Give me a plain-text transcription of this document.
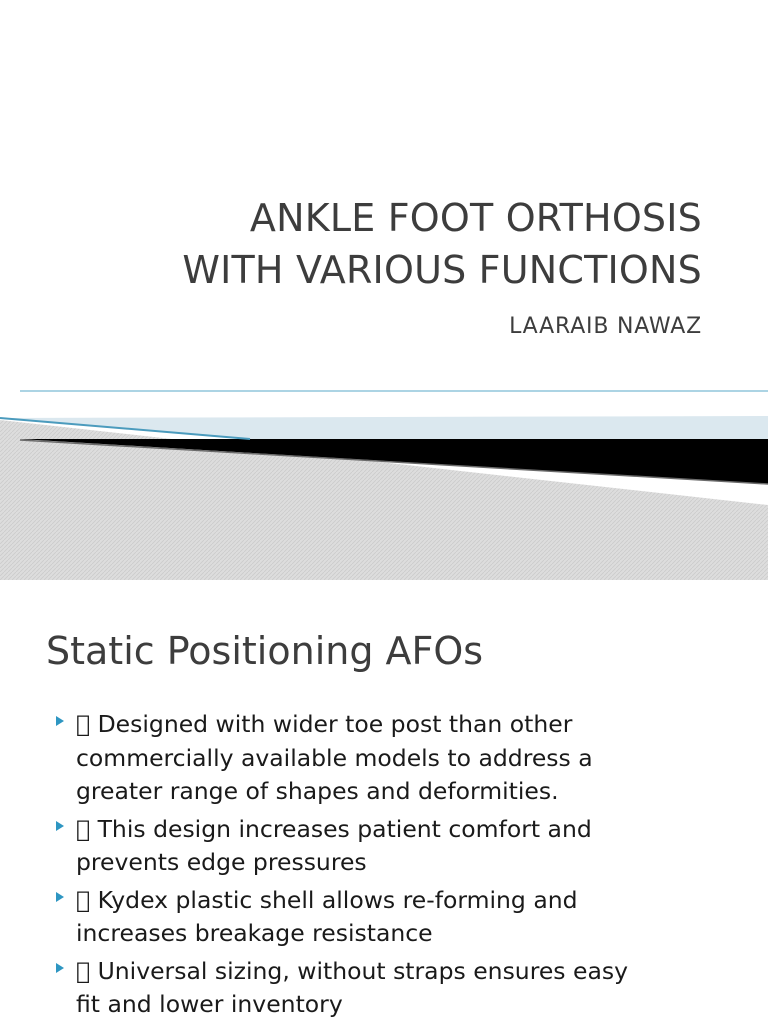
ANKLE FOOT ORTHOSIS
WITH VARIOUS FUNCTIONS
LAARAIB NAWAZ
Static Positioning AFOs
Designed with wider toe post than other
commercially available models to address a
greater range of shapes and deformities.
This design increases patient comfort and
prevents edge pressures
Kydex plastic shell allows re-forming and
increases breakage resistance
Universal sizing, without straps ensures easy
fit and lower inventory
